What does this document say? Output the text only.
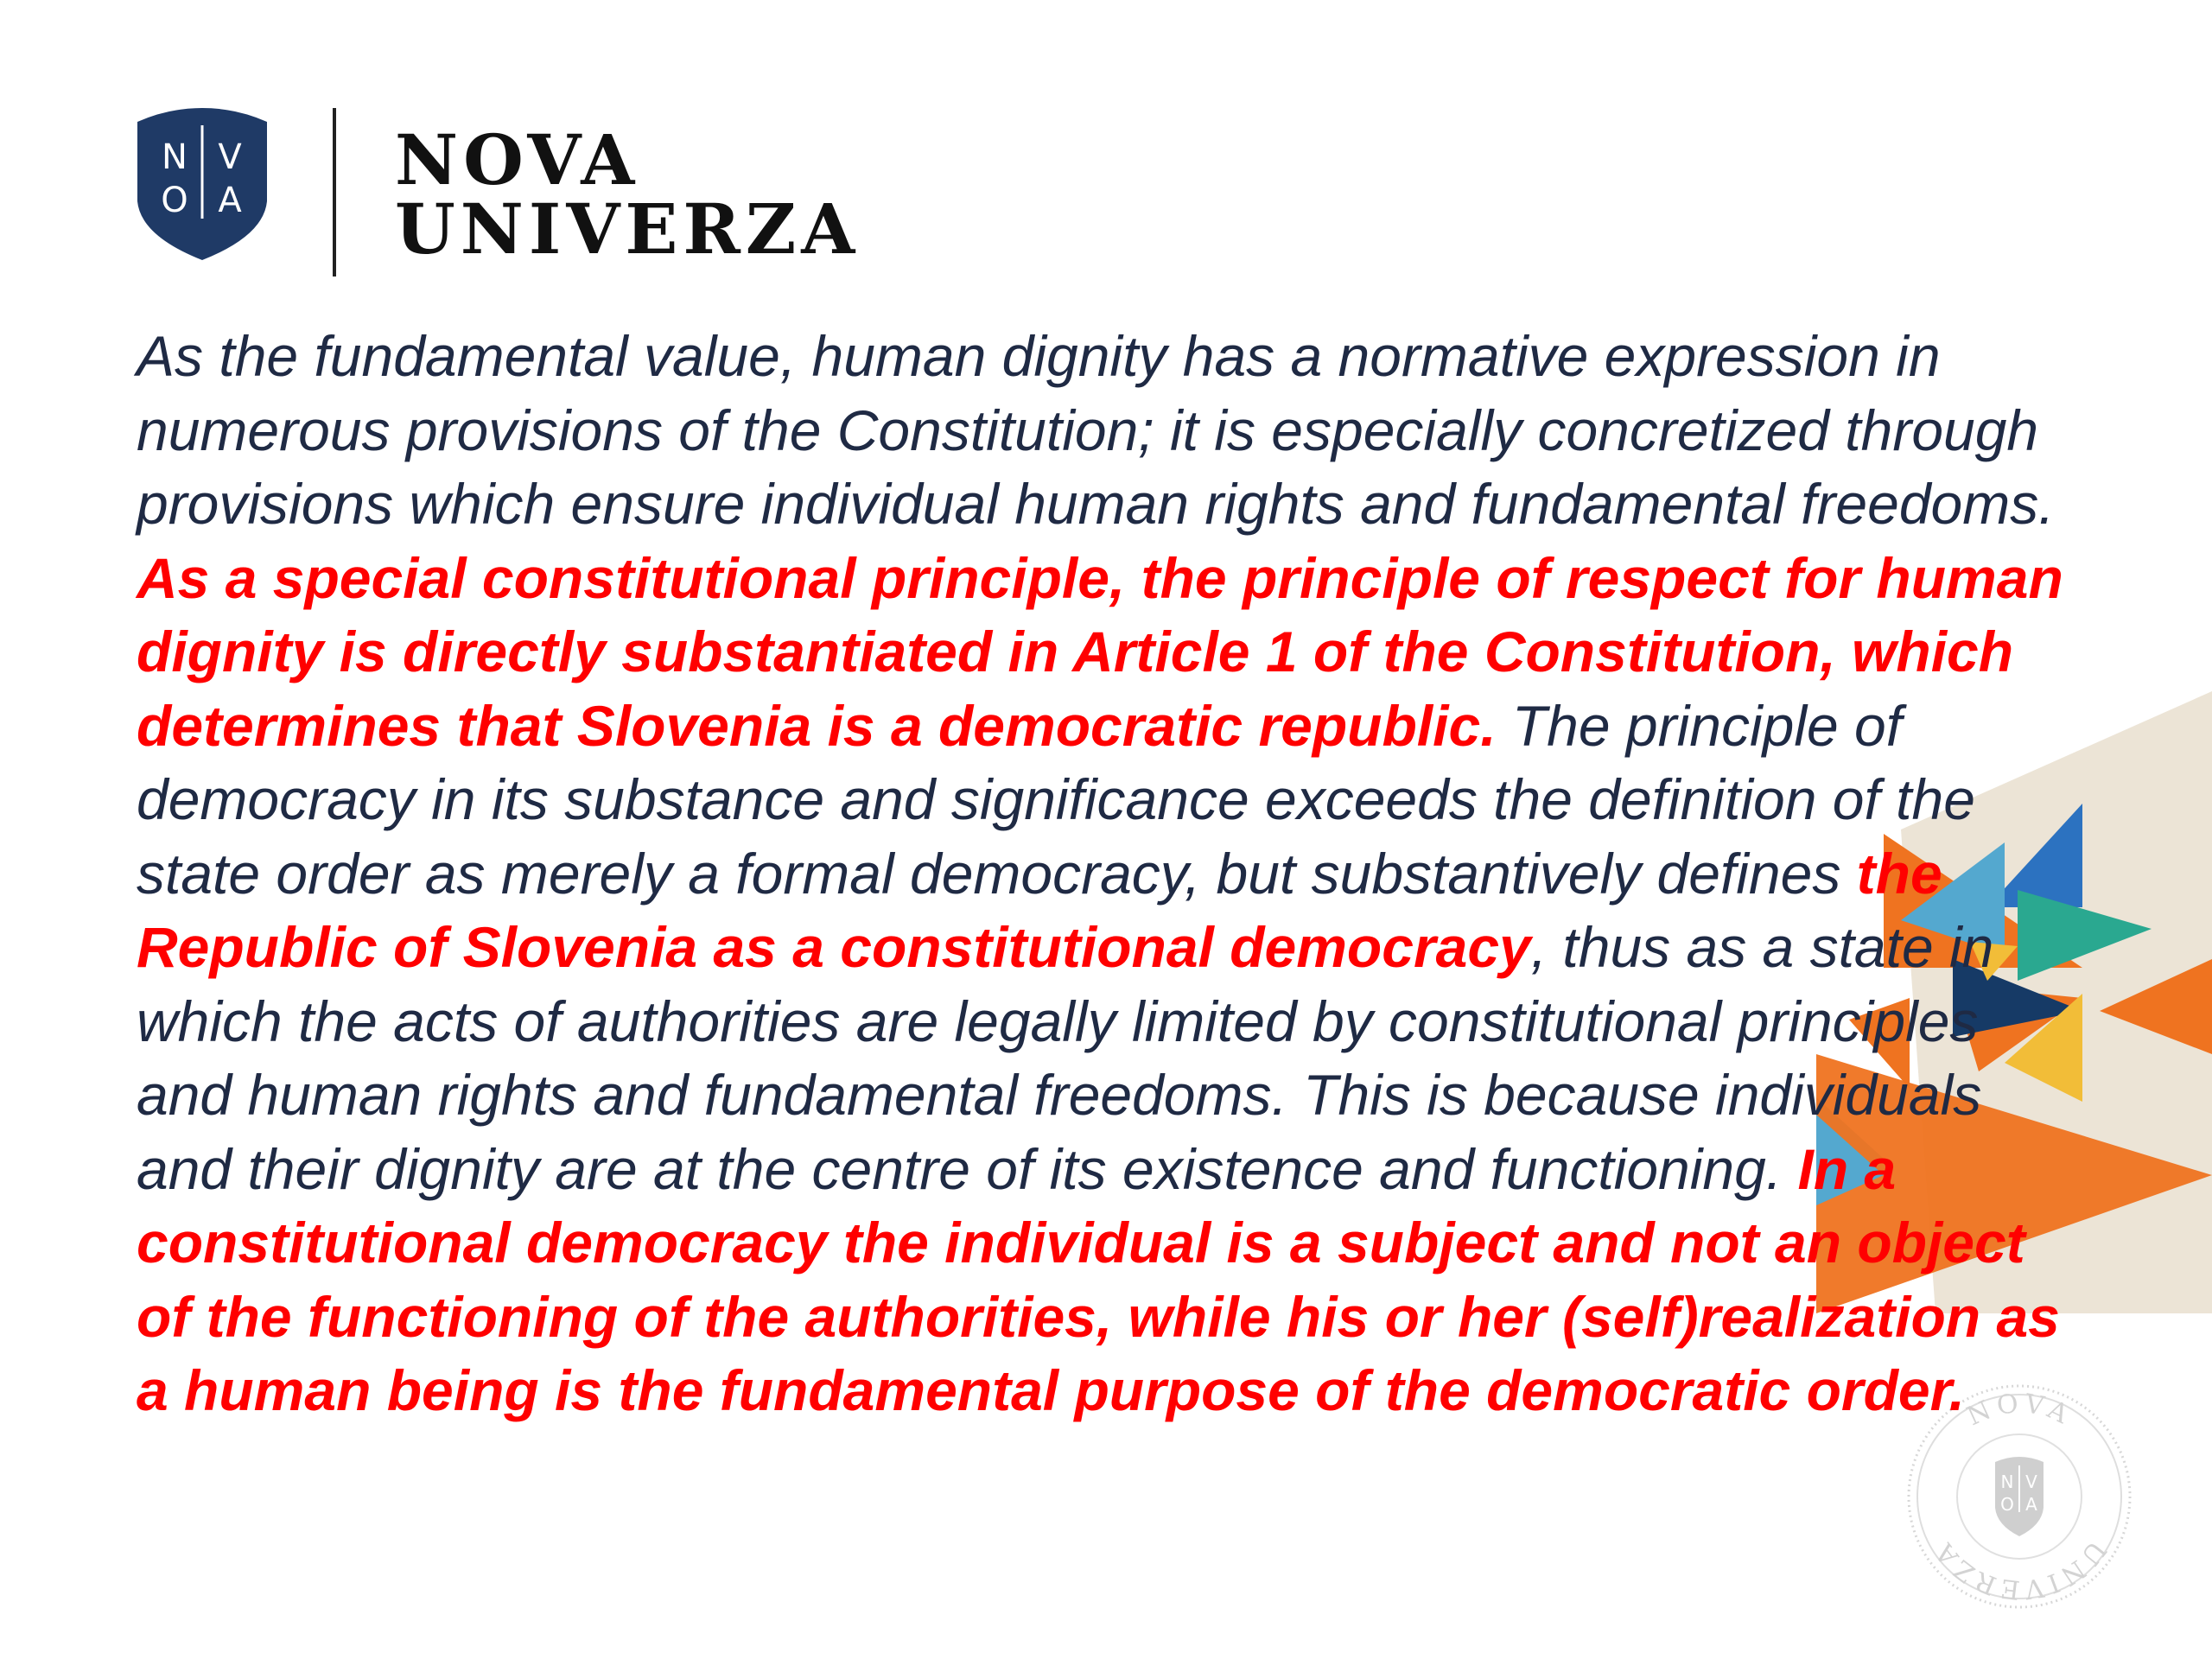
N V
O A NOVA
UNIVERZA
NOVA
UNIVERZA
N V
O A

As the fundamental value, human dignity has a normative expression in numerous provisions of the Constitution; it is especially concretized through provisions which ensure individual human rights and fundamental freedoms. As a special constitutional principle, the principle of respect for human dignity is directly substantiated in Article 1 of the Constitution, which determines that Slovenia is a democratic republic. The principle of democracy in its substance and significance exceeds the definition of the state order as merely a formal democracy, but substantively defines the Republic of Slovenia as a constitutional democracy, thus as a state in which the acts of authorities are legally limited by constitutional principles and human rights and fundamental freedoms. This is because individuals and their dignity are at the centre of its existence and functioning. In a constitutional democracy the individual is a subject and not an object of the functioning of the authorities, while his or her (self)realization as a human being is the fundamental purpose of the democratic order.
